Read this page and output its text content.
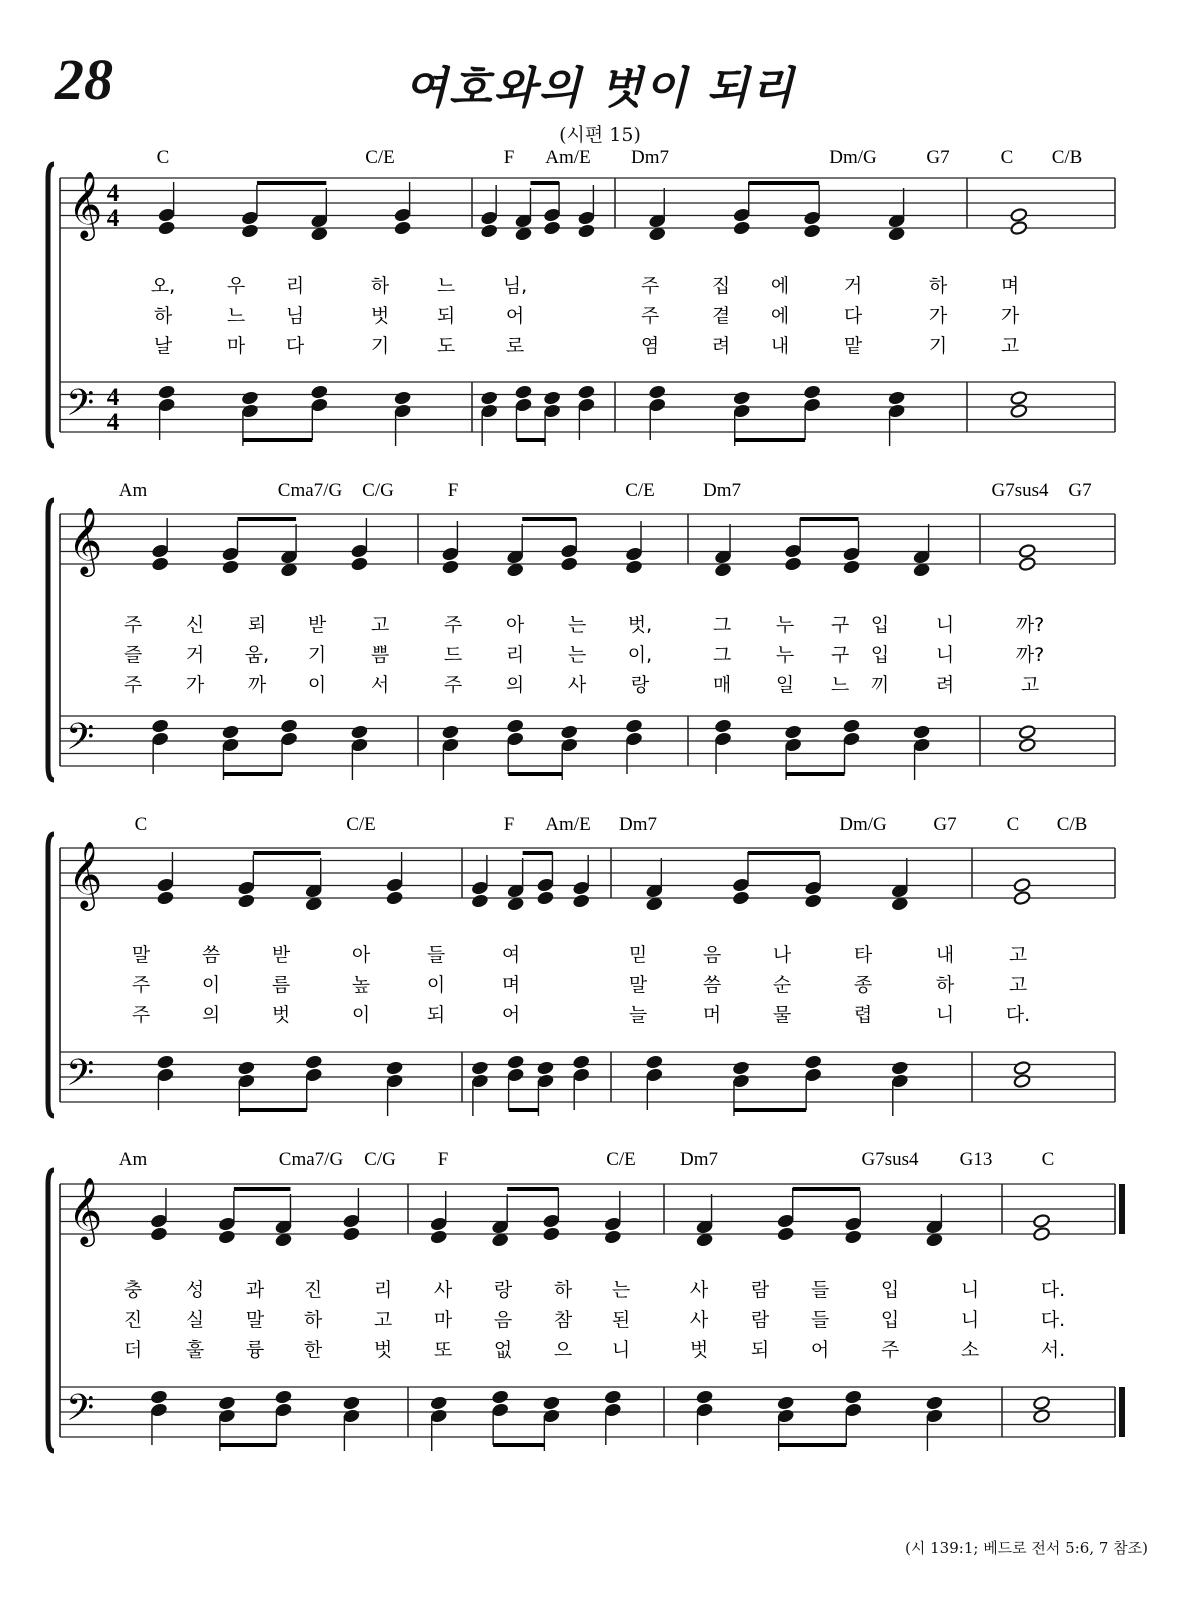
28	여호와의 벗이 되리
(시편 15)
𝄞
𝄢
4
4
4
4
C	C/E	F Am/E Dm7	Dm/G	G7	C C/B
오,	우 리	하	느	님,	주	집 에	거	하	며
하	느 님	벗	되	어	주	곁 에	다	가	가
날	마 다	기	도	로	염	려 내	맡	기	고
𝄞
𝄢
Am	Cma7/G C/G	F	C/E	Dm7	G7sus4 G7
주 신 뢰 받 고	주 아 는 벗,	그 누 구 입 니	까?
즐 거 움, 기 쁨	드 리 는 이,	그 누 구 입 니	까?
주 가 까 이 서	주 의 사 랑	매 일 느 끼 려	고
𝄞
𝄢
C	C/E	F Am/E Dm7	Dm/G G7	C C/B
말	씀	받	아	들	여	믿	음	나	타	내	고
주	이	름	높	이	며	말	씀	순	종	하	고
주	의	벗	이	되	어	늘	머	물	렵	니	다.
𝄞
𝄢
Am	Cma7/G C/G F	C/E Dm7	G7sus4 G13	C
충 성 과 진	리 사 랑 하 는	사 람 들	입	니	다.
진 실 말 하	고 마 음 참 된	사 람 들	입	니	다.
더 훌 륭 한	벗 또 없 으 니	벗 되 어	주	소	서.
(시 139:1; 베드로 전서 5:6, 7 참조)
